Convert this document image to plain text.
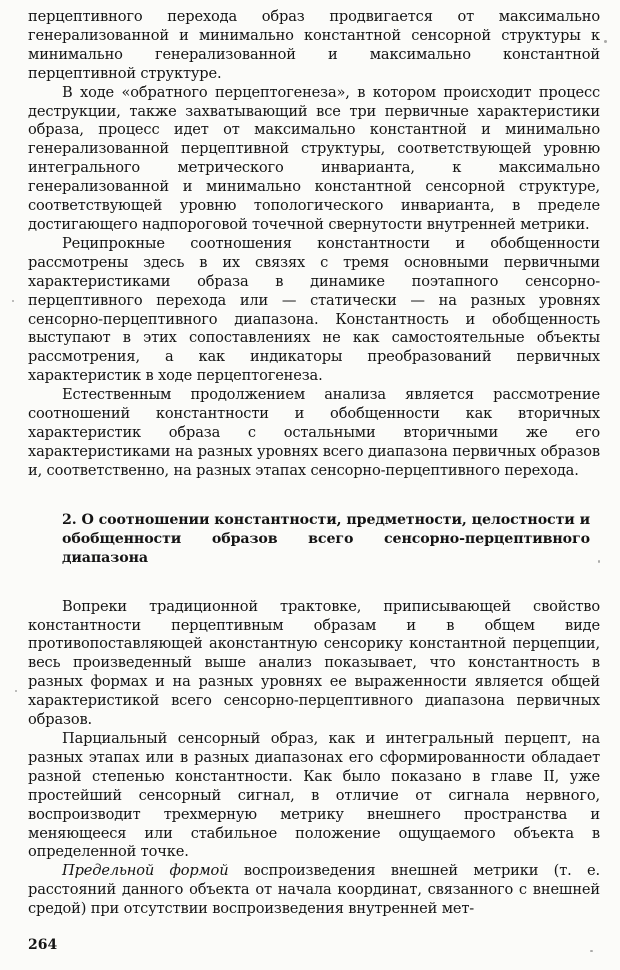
перцептивного перехода образ продвигается от максимально генерализованной и минимально константной сенсорной структуры к минимально генерализованной и максимально константной перцептивной структуре.

В ходе «обратного перцептогенеза», в котором происходит процесс деструкции, также захватывающий все три первичные характеристики образа, процесс идет от максимально константной и минимально генерализованной перцептивной структуры, соответствующей уровню интегрального метрического инварианта, к максимально генерализованной и минимально константной сенсорной структуре, соответствующей уровню топологического инварианта, в пределе достигающего надпороговой точечной свернутости внутренней метрики.

Реципрокные соотношения константности и обобщенности рассмотрены здесь в их связях с тремя основными первичными характеристиками образа в динамике поэтапного сенсорно-перцептивного перехода или — статически — на разных уровнях сенсорно-перцептивного диапазона. Константность и обобщенность выступают в этих сопоставлениях не как самостоятельные объекты рассмотрения, а как индикаторы преобразований первичных характеристик в ходе перцептогенеза.

Естественным продолжением анализа является рассмотрение соотношений константности и обобщенности как вторичных характеристик образа с остальными вторичными же его характеристиками на разных уровнях всего диапазона первичных образов и, соответственно, на разных этапах сенсорно-перцептивного перехода.

2. О соотношении константности, предметности, целостности и обобщенности образов всего сенсорно-перцептивного диапазона

Вопреки традиционной трактовке, приписывающей свойство константности перцептивным образам и в общем виде противопоставляющей аконстантную сенсорику константной перцепции, весь произведенный выше анализ показывает, что константность в разных формах и на разных уровнях ее выраженности является общей характеристикой всего сенсорно-перцептивного диапазона первичных образов.

Парциальный сенсорный образ, как и интегральный перцепт, на разных этапах или в разных диапазонах его сформированности обладает разной степенью константности. Как было показано в главе II, уже простейший сенсорный сигнал, в отличие от сигнала нервного, воспроизводит трехмерную метрику внешнего пространства и меняющееся или стабильное положение ощущаемого объекта в определенной точке.

Предельной формой воспроизведения внешней метрики (т. е. расстояний данного объекта от начала координат, связанного с внешней средой) при отсутствии воспроизведения внутренней мет-

264
